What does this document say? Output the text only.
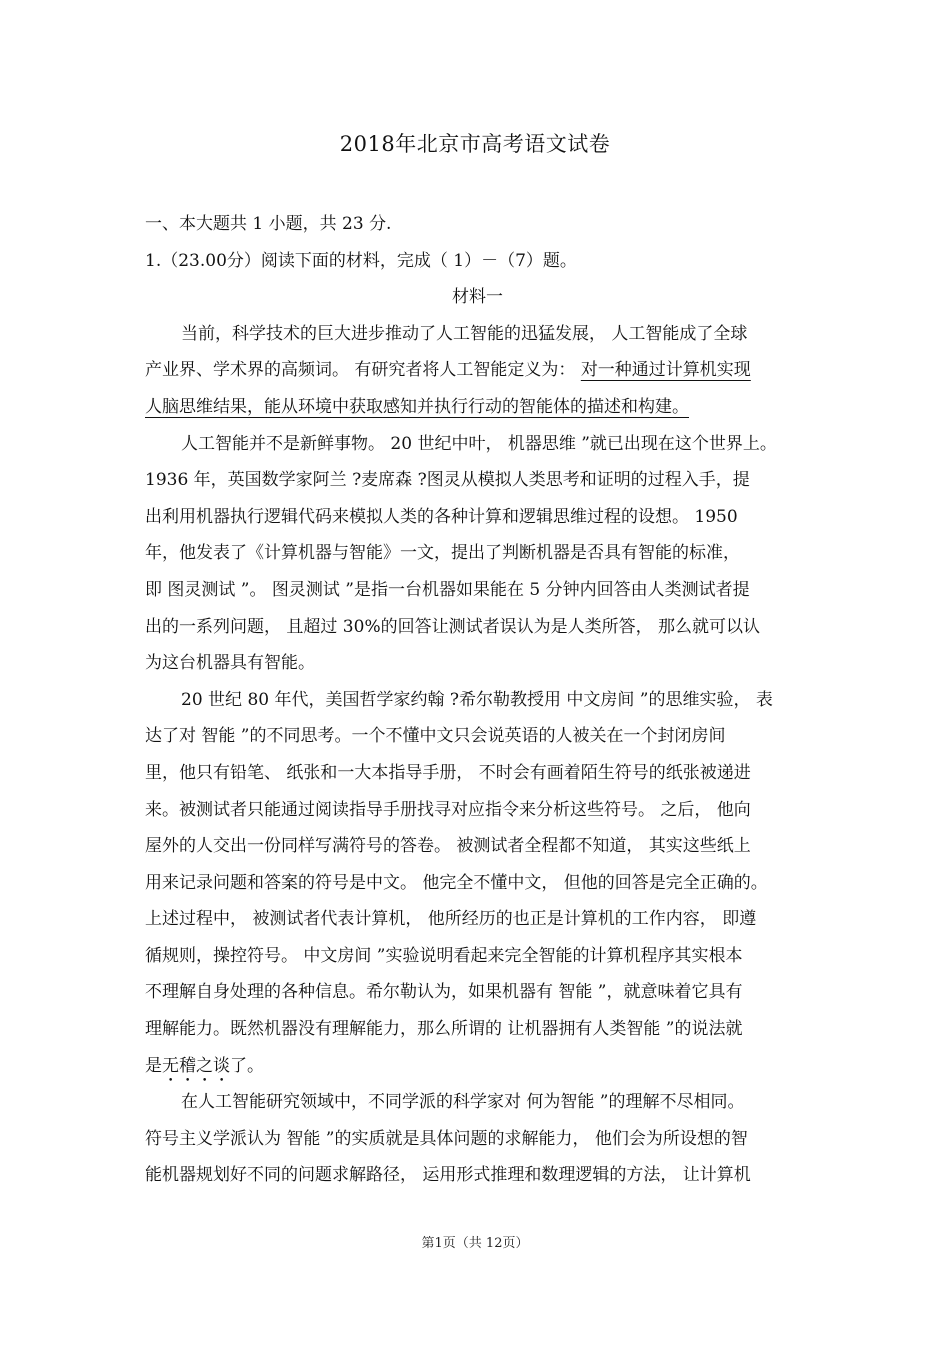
2018年北京市高考语文试卷
一、本大题共 1 小题，共 23 分.
1.（23.00分）阅读下面的材料，完成（ 1）－（7）题。
材料一
当前，科学技术的巨大进步推动了人工智能的迅猛发展， 人工智能成了全球
产业界、学术界的高频词。 有研究者将人工智能定义为： 对一种通过计算机实现
人脑思维结果，能从环境中获取感知并执行行动的智能体的描述和构建。
人工智能并不是新鲜事物。 20 世纪中叶， 机器思维 ”就已出现在这个世界上。
1936 年，英国数学家阿兰 ?麦席森 ?图灵从模拟人类思考和证明的过程入手，提
出利用机器执行逻辑代码来模拟人类的各种计算和逻辑思维过程的设想。 1950
年，他发表了《计算机器与智能》一文，提出了判断机器是否具有智能的标准，
即 图灵测试 ”。 图灵测试 ”是指一台机器如果能在 5 分钟内回答由人类测试者提
出的一系列问题， 且超过 30%的回答让测试者误认为是人类所答， 那么就可以认
为这台机器具有智能。
20 世纪 80 年代，美国哲学家约翰 ?希尔勒教授用 中文房间 ”的思维实验， 表
达了对 智能 ”的不同思考。一个不懂中文只会说英语的人被关在一个封闭房间
里，他只有铅笔、 纸张和一大本指导手册， 不时会有画着陌生符号的纸张被递进
来。被测试者只能通过阅读指导手册找寻对应指令来分析这些符号。 之后， 他向
屋外的人交出一份同样写满符号的答卷。 被测试者全程都不知道， 其实这些纸上
用来记录问题和答案的符号是中文。 他完全不懂中文， 但他的回答是完全正确的。
上述过程中， 被测试者代表计算机， 他所经历的也正是计算机的工作内容， 即遵
循规则，操控符号。 中文房间 ”实验说明看起来完全智能的计算机程序其实根本
不理解自身处理的各种信息。希尔勒认为，如果机器有 智能 ”，就意味着它具有
理解能力。既然机器没有理解能力，那么所谓的 让机器拥有人类智能 ”的说法就
是无稽之谈了。
在人工智能研究领域中，不同学派的科学家对 何为智能 ”的理解不尽相同。
符号主义学派认为 智能 ”的实质就是具体问题的求解能力， 他们会为所设想的智
能机器规划好不同的问题求解路径， 运用形式推理和数理逻辑的方法， 让计算机
第1页（共 12页）
